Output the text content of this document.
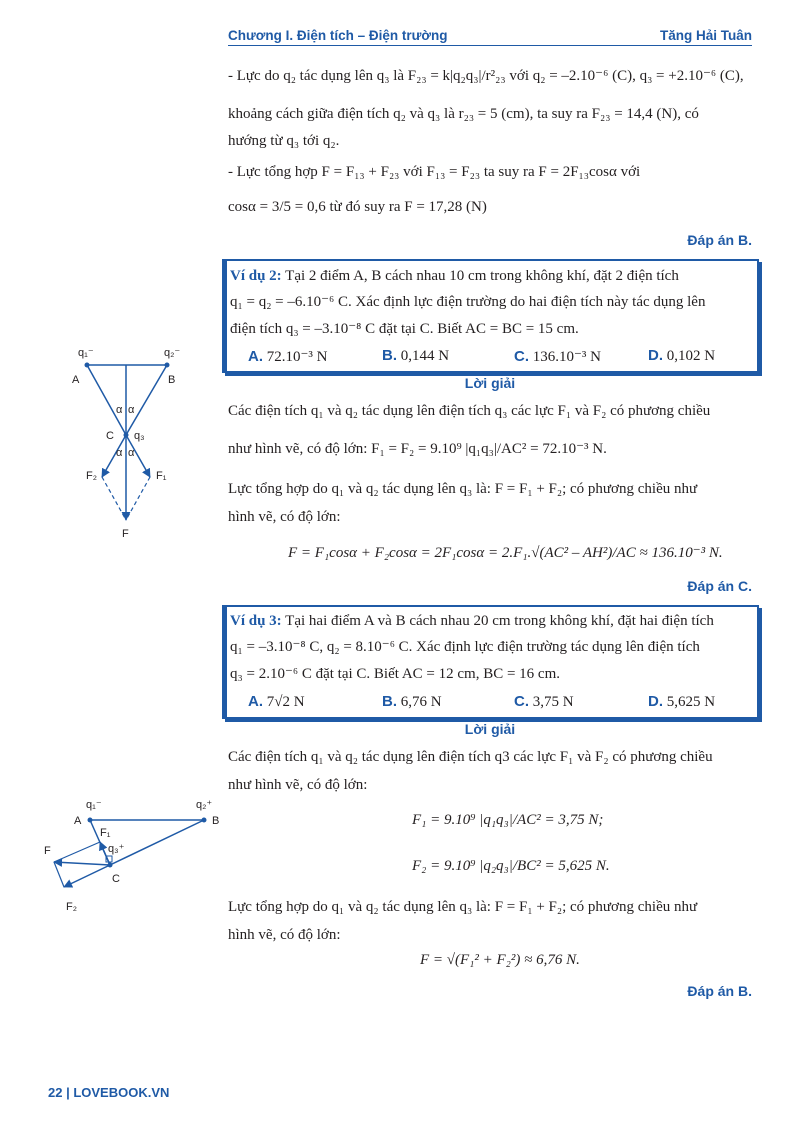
Chương I. Điện tích – Điện trường	Tăng Hải Tuân
- Lực do q₂ tác dụng lên q₃ là F₂₃ = k|q₂q₃|/r²₂₃ với q₂ = –2.10⁻⁶ (C), q₃ = +2.10⁻⁶ (C),
khoảng cách giữa điện tích q₂ và q₃ là r₂₃ = 5 (cm), ta suy ra F₂₃ = 14,4 (N), có
hướng từ q₃ tới q₂.
- Lực tổng hợp F = F₁₃ + F₂₃ với F₁₃ = F₂₃ ta suy ra F = 2F₁₃cosα với
cosα = 3/5 = 0,6 từ đó suy ra F = 17,28 (N)
Đáp án B.
Ví dụ 2: Tại 2 điểm A, B cách nhau 10 cm trong không khí, đặt 2 điện tích
q₁ = q₂ = –6.10⁻⁶ C. Xác định lực điện trường do hai điện tích này tác dụng lên
điện tích q₃ = –3.10⁻⁸ C đặt tại C. Biết AC = BC = 15 cm.
A. 72.10⁻³ N	B. 0,144 N	C. 136.10⁻³ N	D. 0,102 N
Lời giải
Các điện tích q₁ và q₂ tác dụng lên điện tích q₃ các lực F₁ và F₂ có phương chiều
như hình vẽ, có độ lớn: F₁ = F₂ = 9.10⁹ |q₁q₃|/AC² = 72.10⁻³ N.
Lực tổng hợp do q₁ và q₂ tác dụng lên q₃ là: F = F₁ + F₂; có phương chiều như
hình vẽ, có độ lớn:
F = F₁cosα + F₂cosα = 2F₁cosα = 2.F₁.√(AC² – AH²)/AC ≈ 136.10⁻³ N.
Đáp án C.
q₁⁻	q₂⁻
A	B
α α
α α
C q₃
F₂	F₁
F
Ví dụ 3: Tại hai điểm A và B cách nhau 20 cm trong không khí, đặt hai điện tích
q₁ = –3.10⁻⁸ C, q₂ = 8.10⁻⁶ C. Xác định lực điện trường tác dụng lên điện tích
q₃ = 2.10⁻⁶ C đặt tại C. Biết AC = 12 cm, BC = 16 cm.
A. 7√2 N	B. 6,76 N	C. 3,75 N	D. 5,625 N
Lời giải
Các điện tích q₁ và q₂ tác dụng lên điện tích q3 các lực F₁ và F₂ có phương chiều
như hình vẽ, có độ lớn:
F₁ = 9.10⁹ |q₁q₃|/AC² = 3,75 N;
F₂ = 9.10⁹ |q₂q₃|/BC² = 5,625 N.
Lực tổng hợp do q₁ và q₂ tác dụng lên q₃ là: F = F₁ + F₂; có phương chiều như
hình vẽ, có độ lớn:
F = √(F₁² + F₂²) ≈ 6,76 N.
Đáp án B.
q₁⁻	q₂⁺
A	B
F₁
q₃⁺
C
F
F₂
22 | LOVEBOOK.VN
